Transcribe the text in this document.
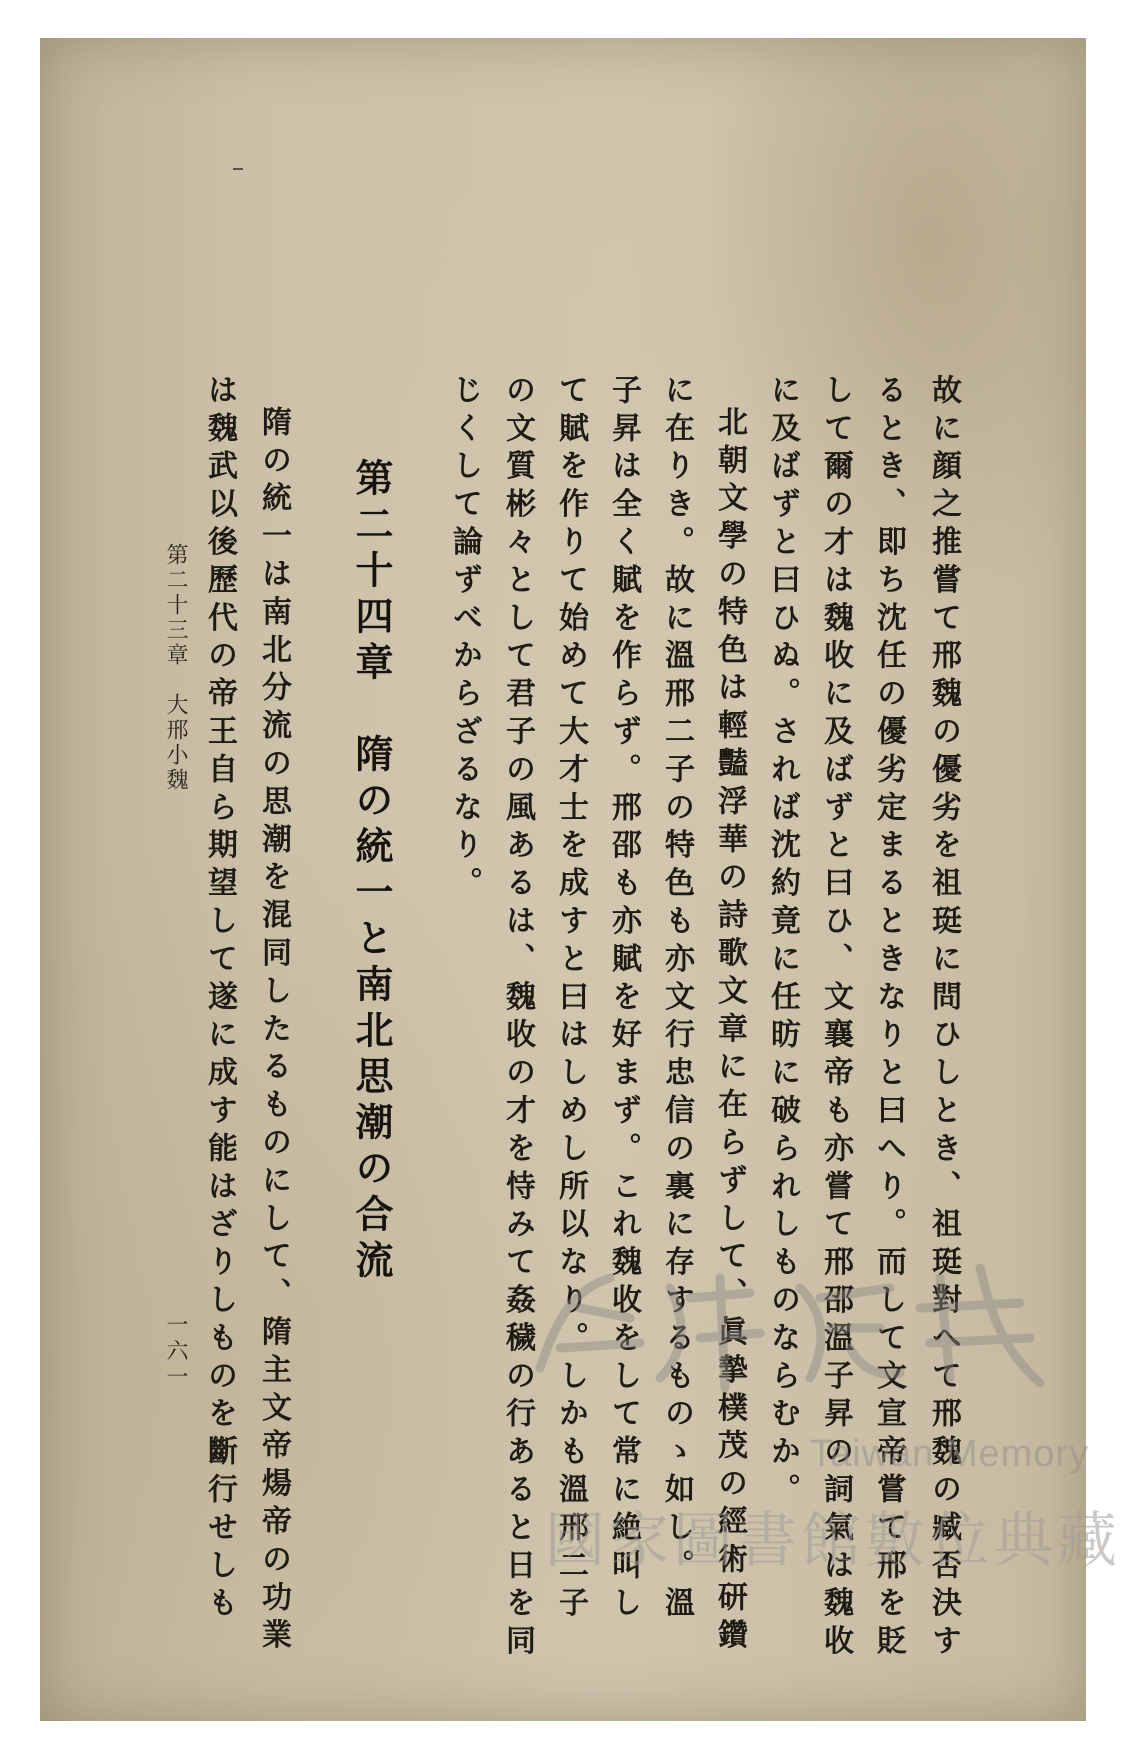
故に顔之推嘗て邢魏の優劣を祖珽に問ひしとき、祖珽對へて邢魏の臧否決す

るとき、即ち沈任の優劣定まるときなりと曰へり。而して文宣帝嘗て邢を貶

して爾の才は魏收に及ばずと曰ひ、文襄帝も亦嘗て邢邵溫子昇の詞氣は魏收

に及ばずと曰ひぬ。されば沈約竟に任昉に破られしものならむか。

北朝文學の特色は輕豔浮華の詩歌文章に在らずして、眞摯樸茂の經術研鑽

に在りき。故に溫邢二子の特色も亦文行忠信の裏に存するものゝ如し。溫

子昇は全く賦を作らず。邢邵も亦賦を好まず。これ魏收をして常に絶叫し

て賦を作りて始めて大才士を成すと曰はしめし所以なり。しかも溫邢二子

の文質彬々として君子の風あるは、魏收の才を恃みて姦穢の行あると日を同

じくして論ずべからざるなり。

第二十四章　隋の統一と南北思潮の合流

隋の統一は南北分流の思潮を混同したるものにして、隋主文帝煬帝の功業

は魏武以後歷代の帝王自ら期望して遂に成す能はざりしものを斷行せしも

第二十三章　大邢小魏
一六一
Taiwan Memory
國家圖書館數位典藏
